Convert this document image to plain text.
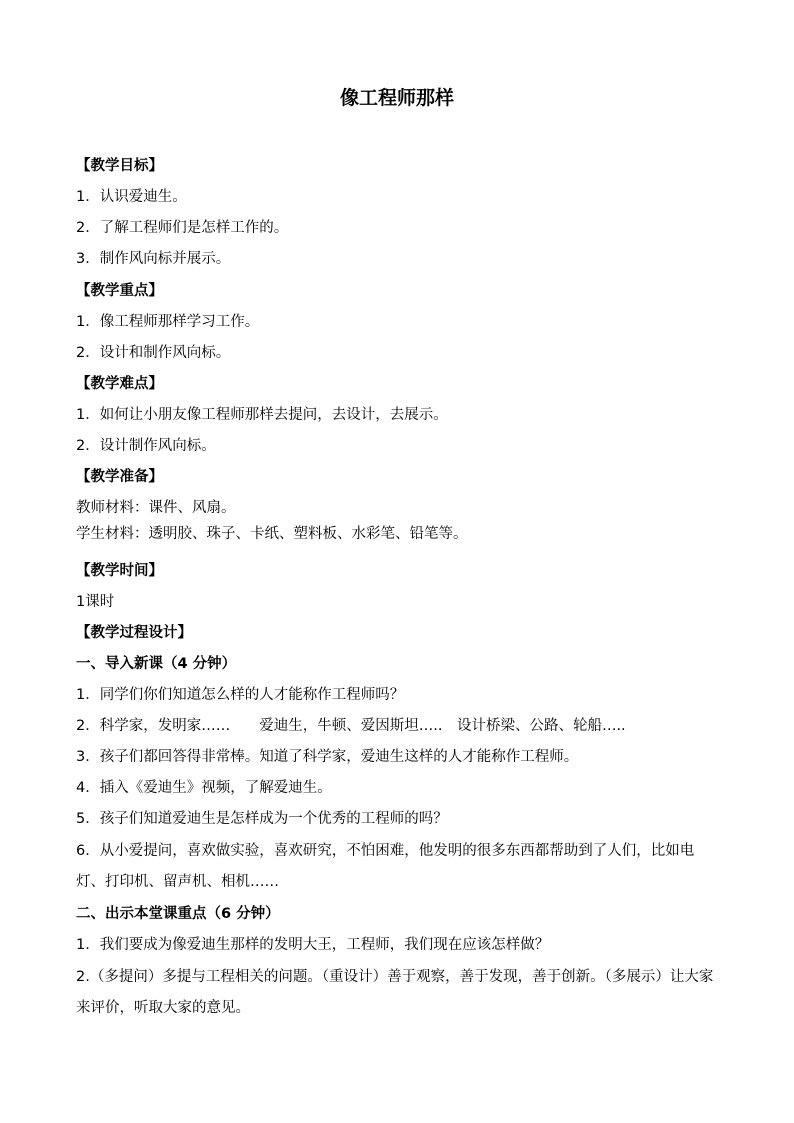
像工程师那样
【教学目标】
1．认识爱迪生。
2．了解工程师们是怎样工作的。
3．制作风向标并展示。
【教学重点】
1．像工程师那样学习工作。
2．设计和制作风向标。
【教学难点】
1．如何让小朋友像工程师那样去提问，去设计，去展示。
2．设计制作风向标。
【教学准备】
教师材料：课件、风扇。
学生材料：透明胶、珠子、卡纸、塑料板、水彩笔、铅笔等。
【教学时间】
1课时
【教学过程设计】
一、导入新课（4 分钟）
1．同学们你们知道怎么样的人才能称作工程师吗？
2．科学家，发明家……　　爱迪生，牛顿、爱因斯坦…..　设计桥梁、公路、轮船…..
3．孩子们都回答得非常棒。知道了科学家，爱迪生这样的人才能称作工程师。
4．插入《爱迪生》视频，了解爱迪生。
5．孩子们知道爱迪生是怎样成为一个优秀的工程师的吗？
6．从小爱提问，喜欢做实验，喜欢研究，不怕困难，他发明的很多东西都帮助到了人们，比如电灯、打印机、留声机、相机……
二、出示本堂课重点（6 分钟）
1．我们要成为像爱迪生那样的发明大王，工程师，我们现在应该怎样做？
2.（多提问）多提与工程相关的问题。（重设计）善于观察，善于发现，善于创新。（多展示）让大家来评价，听取大家的意见。
